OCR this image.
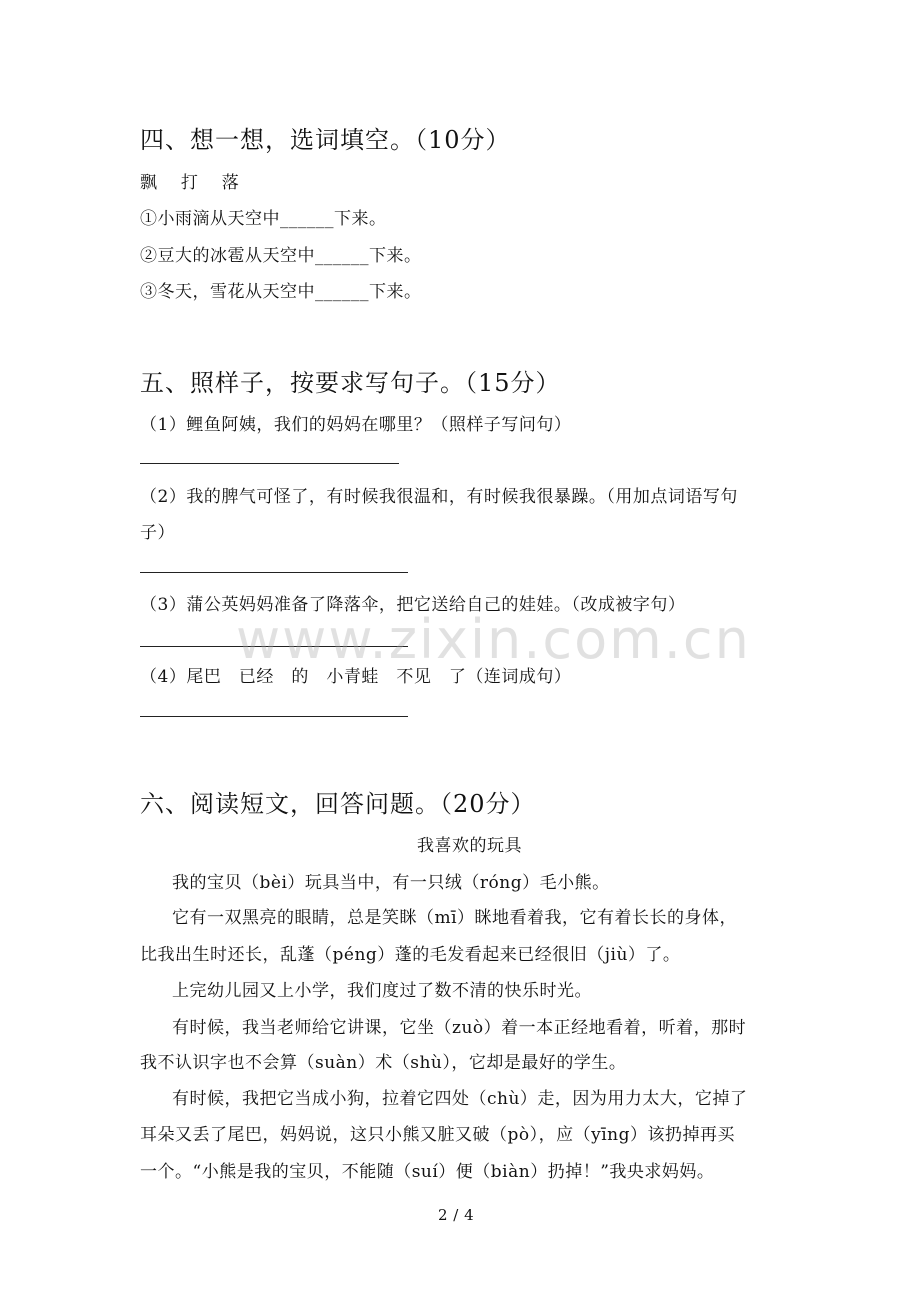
四、想一想，选词填空。（10分）
飘　 打　 落
①小雨滴从天空中______下来。
②豆大的冰雹从天空中______下来。
③冬天，雪花从天空中______下来。
五、照样子，按要求写句子。（15分）
（1）鲤鱼阿姨，我们的妈妈在哪里？（照样子写问句）
（2）我的脾气可怪了，有时候我很温和，有时候我很暴躁。（用加点词语写句
子）
（3）蒲公英妈妈准备了降落伞，把它送给自己的娃娃。（改成被字句）
（4）尾巴　已经　的　小青蛙　不见　了（连词成句）
六、阅读短文，回答问题。（20分）
我喜欢的玩具
我的宝贝（bèi）玩具当中，有一只绒（róng）毛小熊。
它有一双黑亮的眼睛，总是笑眯（mī）眯地看着我，它有着长长的身体，
比我出生时还长，乱蓬（péng）蓬的毛发看起来已经很旧（jiù）了。
上完幼儿园又上小学，我们度过了数不清的快乐时光。
有时候，我当老师给它讲课，它坐（zuò）着一本正经地看着，听着，那时
我不认识字也不会算（suàn）术（shù），它却是最好的学生。
有时候，我把它当成小狗，拉着它四处（chù）走，因为用力太大，它掉了
耳朵又丢了尾巴，妈妈说，这只小熊又脏又破（pò），应（yīng）该扔掉再买
一个。“小熊是我的宝贝，不能随（suí）便（biàn）扔掉！”我央求妈妈。
www.zixin.com.cn
2 / 4
